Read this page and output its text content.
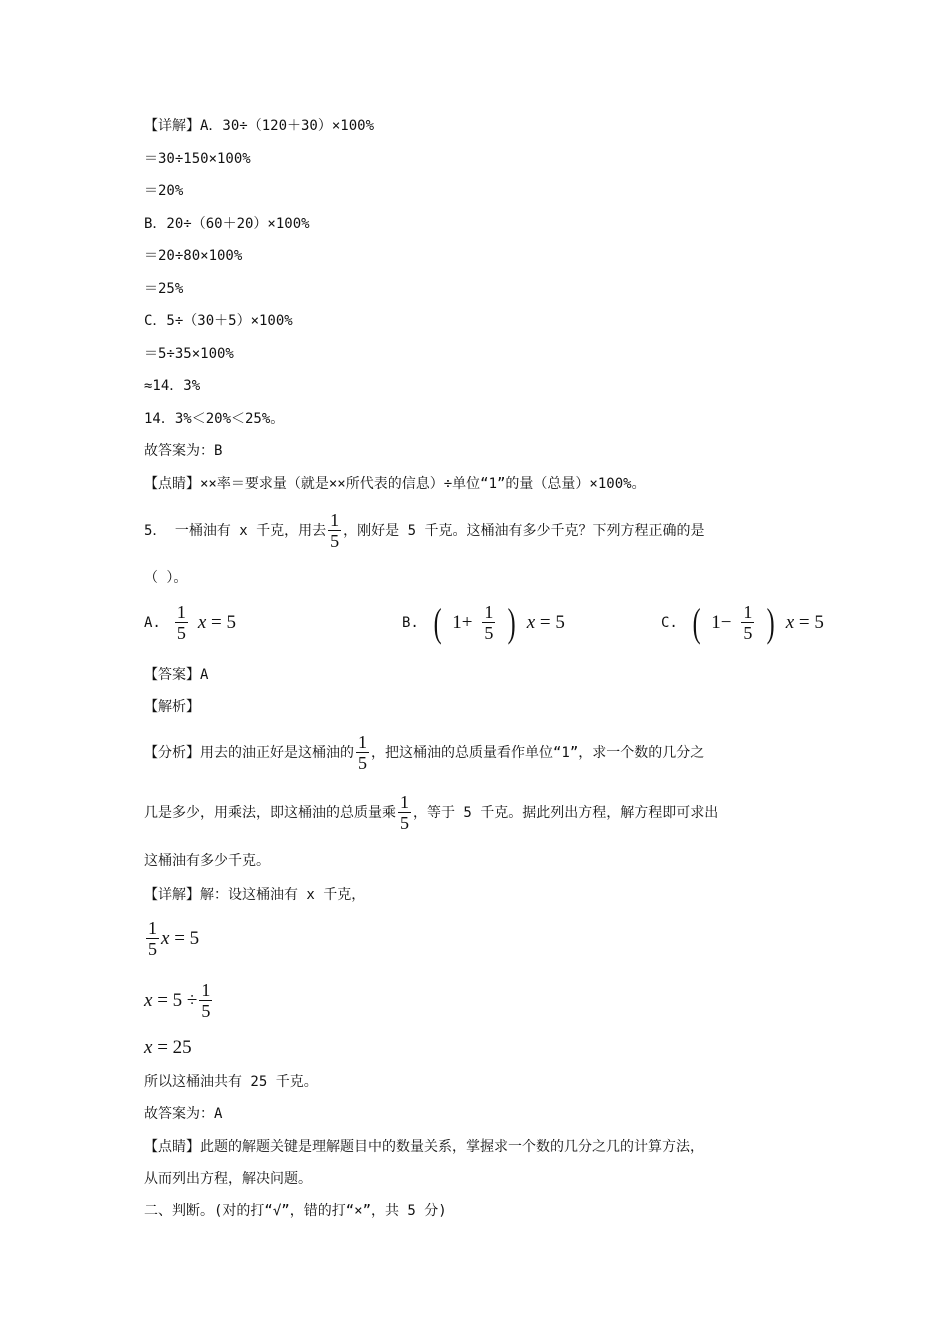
【详解】A．30÷（120＋30）×100%
＝30÷150×100%
＝20%
B．20÷（60＋20）×100%
＝20÷80×100%
＝25%
C．5÷（30＋5）×100%
＝5÷35×100%
≈14．3%
14．3%＜20%＜25%。
故答案为：B
【点睛】××率＝要求量（就是××所代表的信息）÷单位“1”的量（总量）×100%。
5． 一桶油有 x 千克，用去 $\frac{1}{5}$ ，刚好是 5 千克。这桶油有多少千克？下列方程正确的是
（ ）。
A. $\frac{1}{5}$ x = 5	B. ( $1+ \frac{1}{5}$ ) x = 5	C. ( $1- \frac{1}{5}$ ) x = 5
【答案】A
【解析】
【分析】用去的油正好是这桶油的 $\frac{1}{5}$ ，把这桶油的总质量看作单位“1”，求一个数的几分之
几是多少，用乘法，即这桶油的总质量乘 $\frac{1}{5}$ ，等于 5 千克。据此列出方程，解方程即可求出
这桶油有多少千克。
【详解】解：设这桶油有 x 千克，
$\frac{1}{5}$ x = 5
$x = 5 \div \frac{1}{5}$
x = 25
所以这桶油共有 25 千克。
故答案为：A
【点睛】此题的解题关键是理解题目中的数量关系，掌握求一个数的几分之几的计算方法，
从而列出方程，解决问题。
二、判断。(对的打“√”，错的打“×”，共 5 分)
